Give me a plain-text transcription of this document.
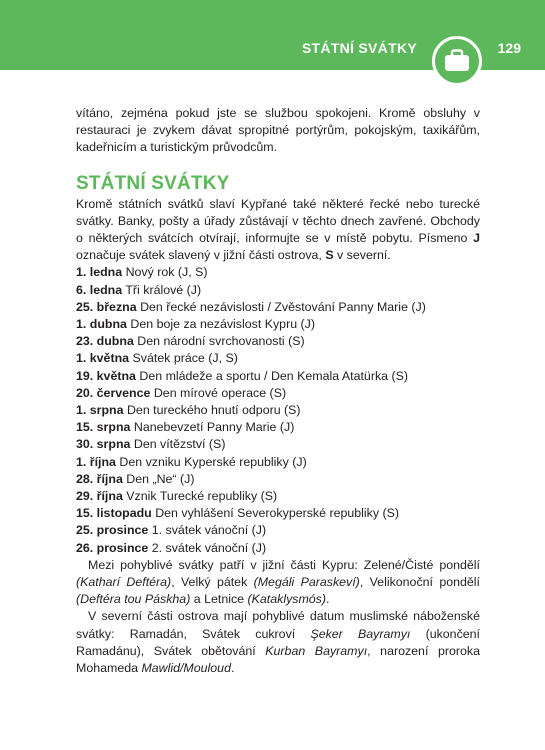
STÁTNÍ SVÁTKY	129

vítáno, zejména pokud jste se službou spokojeni. Kromě obsluhy v restauraci je zvykem dávat spropitné portýrům, pokojským, taxikářům, kadeřnicím a turistickým průvodcům.

STÁTNÍ SVÁTKY

Kromě státních svátků slaví Kypřané také některé řecké nebo turecké svátky. Banky, pošty a úřady zůstávají v těchto dnech zavřené. Obchody o některých svátcích otvírají, informujte se v místě pobytu. Písmeno J označuje svátek slavený v jižní části ostrova, S v severní.

1. ledna Nový rok (J, S)

6. ledna Tři králové (J)

25. března Den řecké nezávislosti / Zvěstování Panny Marie (J)

1. dubna Den boje za nezávislost Kypru (J)

23. dubna Den národní svrchovanosti (S)

1. května Svátek práce (J, S)

19. května Den mládeže a sportu / Den Kemala Atatürka (S)

20. července Den mírové operace (S)

1. srpna Den tureckého hnutí odporu (S)

15. srpna Nanebevzetí Panny Marie (J)

30. srpna Den vítězství (S)

1. října Den vzniku Kyperské republiky (J)

28. října Den „Ne“ (J)

29. října Vznik Turecké republiky (S)

15. listopadu Den vyhlášení Severokyperské republiky (S)

25. prosince 1. svátek vánoční (J)

26. prosince 2. svátek vánoční (J)

Mezi pohyblivé svátky patří v jižní části Kypru: Zelené/Čisté pondělí (Katharí Deftéra), Velký pátek (Megáli Paraskeví), Velikonoční pondělí (Deftéra tou Páskha) a Letnice (Kataklysmós).

V severní části ostrova mají pohyblivé datum muslimské náboženské svátky: Ramadán, Svátek cukroví Şeker Bayramyı (ukončení Ramadánu), Svátek obětování Kurban Bayramyı, narození proroka Mohameda Mawlid/Mouloud.
